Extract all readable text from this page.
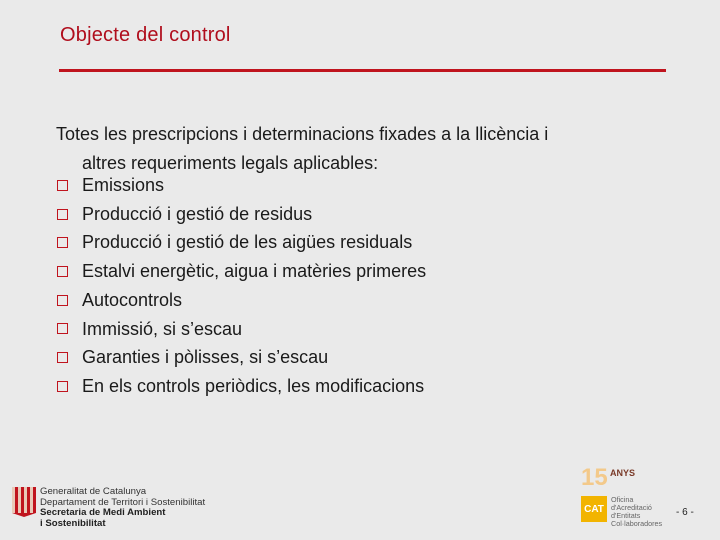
Objecte del control
Totes les prescripcions i determinacions fixades a la llicència i
altres requeriments legals aplicables:
Emissions
Producció i gestió de residus
Producció i gestió de les aigües residuals
Estalvi energètic, aigua i matèries primeres
Autocontrols
Immissió, si s’escau
Garanties i pòlisses, si s’escau
En els controls periòdics, les modificacions
Generalitat de Catalunya
Departament de Territori i Sostenibilitat
Secretaria de Medi Ambient
i Sostenibilitat
15 ANYS
CAT
Oficina
d'Acreditació
d'Entitats
Col·laboradores
- 6 -
